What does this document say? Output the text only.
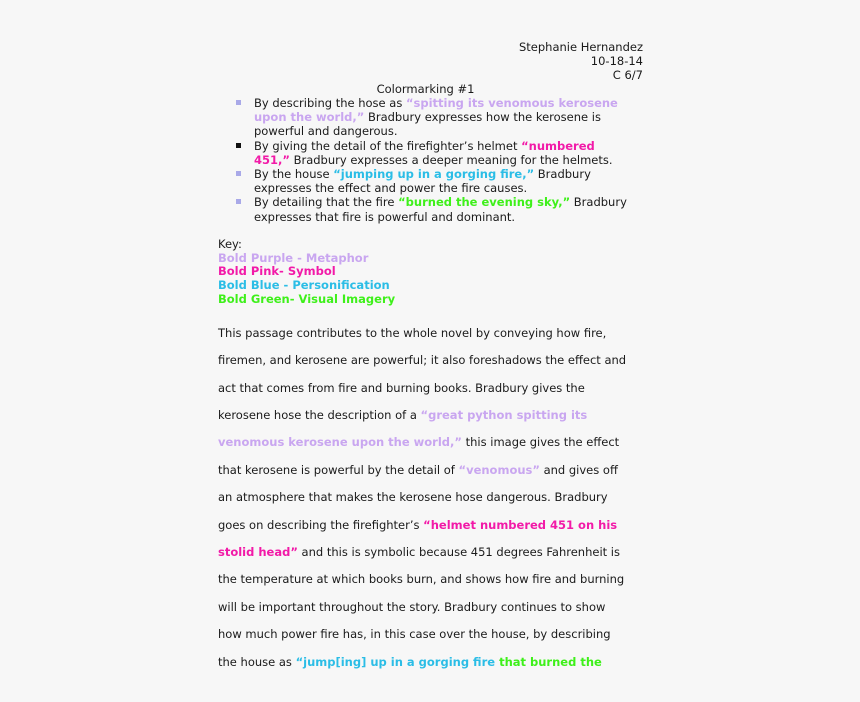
Stephanie Hernandez
10-18-14
C 6/7
Colormarking #1
By describing the hose as “spitting its venomous kerosene
upon the world,” Bradbury expresses how the kerosene is
powerful and dangerous.
By giving the detail of the firefighter’s helmet “numbered
451,” Bradbury expresses a deeper meaning for the helmets.
By the house “jumping up in a gorging fire,” Bradbury
expresses the effect and power the fire causes.
By detailing that the fire “burned the evening sky,” Bradbury
expresses that fire is powerful and dominant.
Key:
Bold Purple - Metaphor
Bold Pink- Symbol
Bold Blue - Personification
Bold Green- Visual Imagery
This passage contributes to the whole novel by conveying how fire,
firemen, and kerosene are powerful; it also foreshadows the effect and
act that comes from fire and burning books. Bradbury gives the
kerosene hose the description of a “great python spitting its
venomous kerosene upon the world,” this image gives the effect
that kerosene is powerful by the detail of “venomous” and gives off
an atmosphere that makes the kerosene hose dangerous. Bradbury
goes on describing the firefighter’s “helmet numbered 451 on his
stolid head” and this is symbolic because 451 degrees Fahrenheit is
the temperature at which books burn, and shows how fire and burning
will be important throughout the story. Bradbury continues to show
how much power fire has, in this case over the house, by describing
the house as “jump[ing] up in a gorging fire that burned the
